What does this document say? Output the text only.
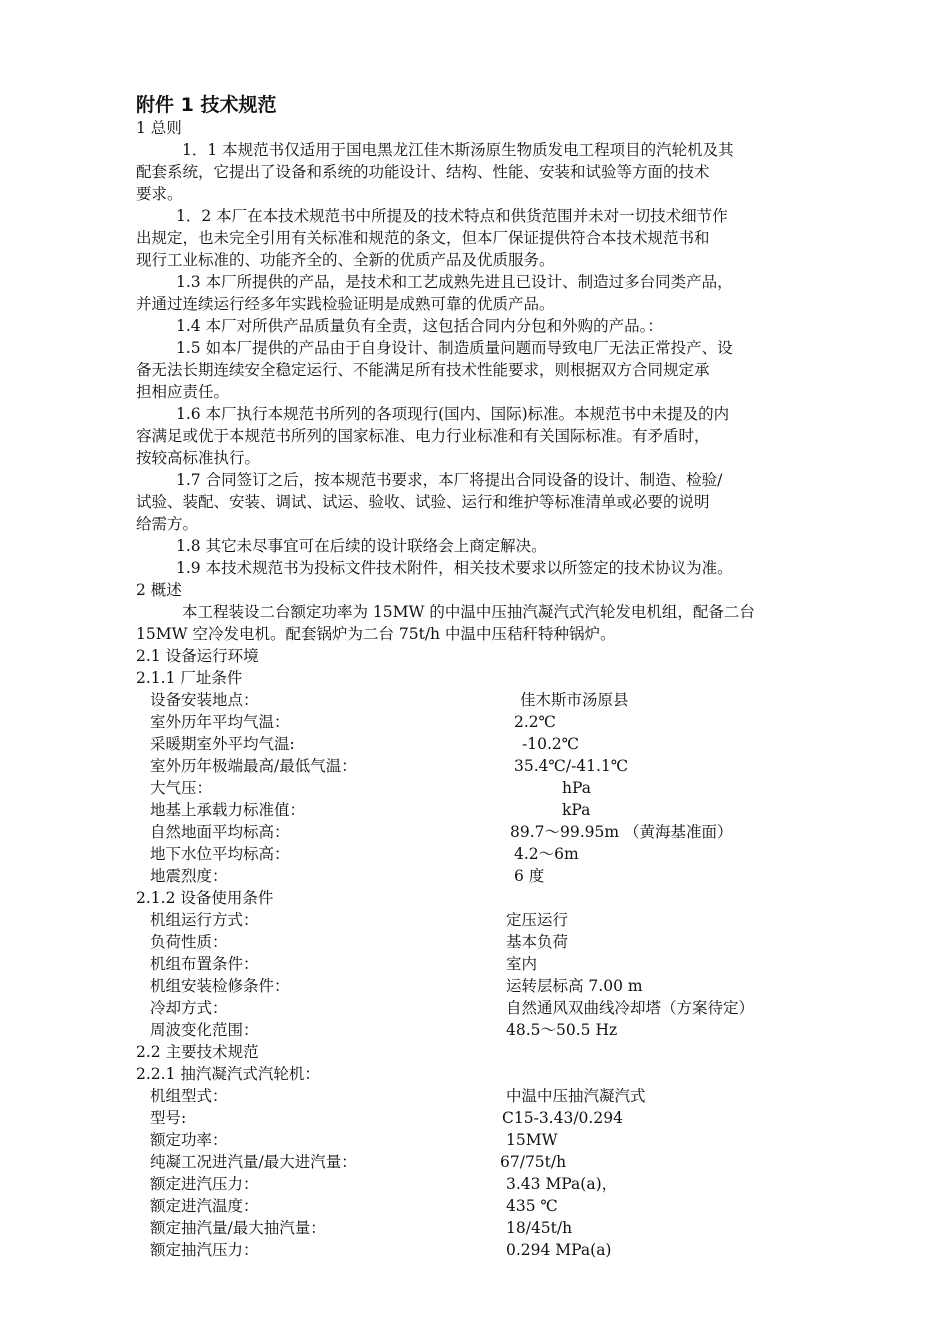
附件 1 技术规范
1 总则
1．1 本规范书仅适用于国电黑龙江佳木斯汤原生物质发电工程项目的汽轮机及其
配套系统，它提出了设备和系统的功能设计、结构、性能、安装和试验等方面的技术
要求。
1．2 本厂在本技术规范书中所提及的技术特点和供货范围并未对一切技术细节作
出规定，也未完全引用有关标准和规范的条文，但本厂保证提供符合本技术规范书和
现行工业标准的、功能齐全的、全新的优质产品及优质服务。
1.3 本厂所提供的产品，是技术和工艺成熟先进且已设计、制造过多台同类产品，
并通过连续运行经多年实践检验证明是成熟可靠的优质产品。
1.4 本厂对所供产品质量负有全责，这包括合同内分包和外购的产品。：
1.5 如本厂提供的产品由于自身设计、制造质量问题而导致电厂无法正常投产、设
备无法长期连续安全稳定运行、不能满足所有技术性能要求，则根据双方合同规定承
担相应责任。
1.6 本厂执行本规范书所列的各项现行(国内、国际)标准。本规范书中未提及的内
容满足或优于本规范书所列的国家标准、电力行业标准和有关国际标准。有矛盾时，
按较高标准执行。
1.7 合同签订之后，按本规范书要求，本厂将提出合同设备的设计、制造、检验/
试验、装配、安装、调试、试运、验收、试验、运行和维护等标准清单或必要的说明
给需方。
1.8 其它未尽事宜可在后续的设计联络会上商定解决。
1.9 本技术规范书为投标文件技术附件，相关技术要求以所签定的技术协议为准。
2 概述
本工程装设二台额定功率为 15MW 的中温中压抽汽凝汽式汽轮发电机组，配备二台
15MW 空冷发电机。配套锅炉为二台 75t/h 中温中压秸秆特种锅炉。
2.1 设备运行环境
2.1.1 厂址条件
设备安装地点：	佳木斯市汤原县
室外历年平均气温：	2.2℃
采暖期室外平均气温:	-10.2℃
室外历年极端最高/最低气温：	35.4℃/-41.1℃
大气压：	hPa
地基上承载力标准值：	kPa
自然地面平均标高：	89.7～99.95m （黄海基准面）
地下水位平均标高：	4.2～6m
地震烈度：	6 度
2.1.2 设备使用条件
机组运行方式：	定压运行
负荷性质：	基本负荷
机组布置条件：	室内
机组安装检修条件：	运转层标高 7.00 m
冷却方式：	自然通风双曲线冷却塔（方案待定）
周波变化范围：	48.5～50.5 Hz
2.2 主要技术规范
2.2.1 抽汽凝汽式汽轮机：
机组型式：	中温中压抽汽凝汽式
型号:	C15-3.43/0.294
额定功率：	15MW
纯凝工况进汽量/最大进汽量：	67/75t/h
额定进汽压力：	3.43 MPa(a)，
额定进汽温度：	435 ℃
额定抽汽量/最大抽汽量：	18/45t/h
额定抽汽压力：	0.294 MPa(a)
